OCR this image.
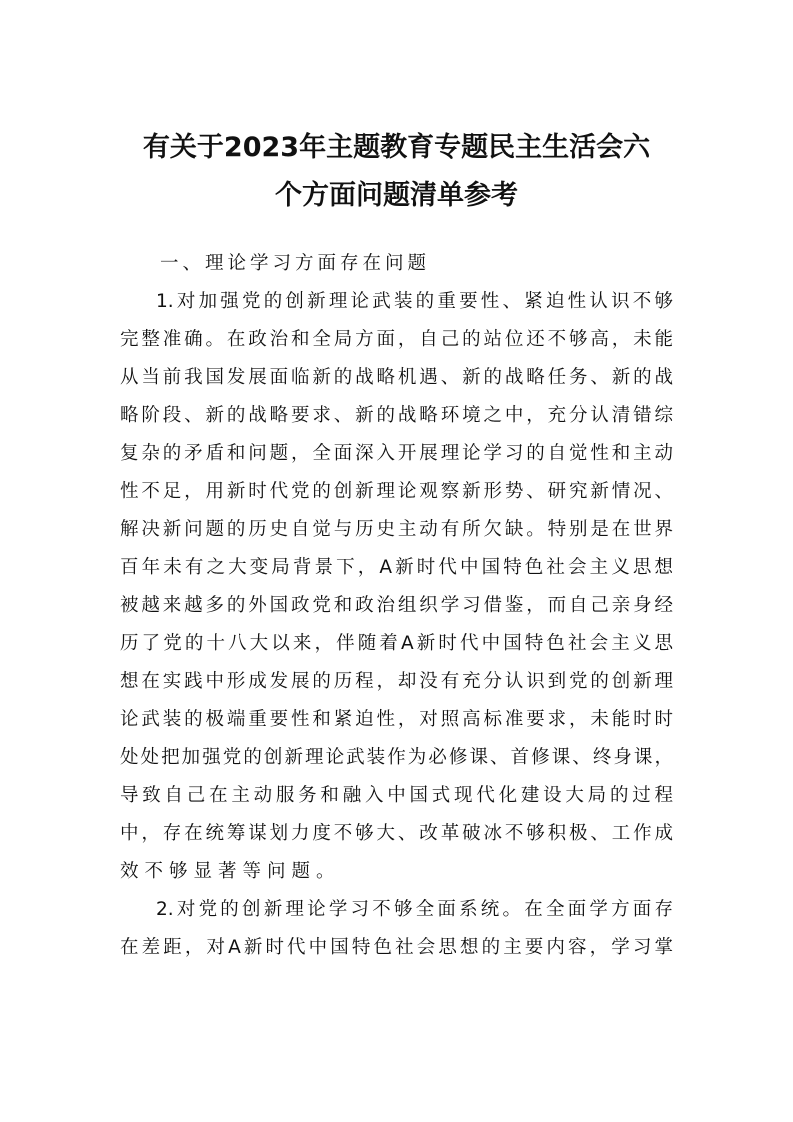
有关于2023年主题教育专题民主生活会六
个方面问题清单参考
一、理论学习方面存在问题
1.对加强党的创新理论武装的重要性、紧迫性认识不够
完整准确。在政治和全局方面，自己的站位还不够高，未能
从当前我国发展面临新的战略机遇、新的战略任务、新的战
略阶段、新的战略要求、新的战略环境之中，充分认清错综
复杂的矛盾和问题，全面深入开展理论学习的自觉性和主动
性不足，用新时代党的创新理论观察新形势、研究新情况、
解决新问题的历史自觉与历史主动有所欠缺。特别是在世界
百年未有之大变局背景下，A新时代中国特色社会主义思想
被越来越多的外国政党和政治组织学习借鉴，而自己亲身经
历了党的十八大以来，伴随着A新时代中国特色社会主义思
想在实践中形成发展的历程，却没有充分认识到党的创新理
论武装的极端重要性和紧迫性，对照高标准要求，未能时时
处处把加强党的创新理论武装作为必修课、首修课、终身课，
导致自己在主动服务和融入中国式现代化建设大局的过程
中，存在统筹谋划力度不够大、改革破冰不够积极、工作成
效不够显著等问题。
2.对党的创新理论学习不够全面系统。在全面学方面存
在差距，对A新时代中国特色社会思想的主要内容，学习掌
